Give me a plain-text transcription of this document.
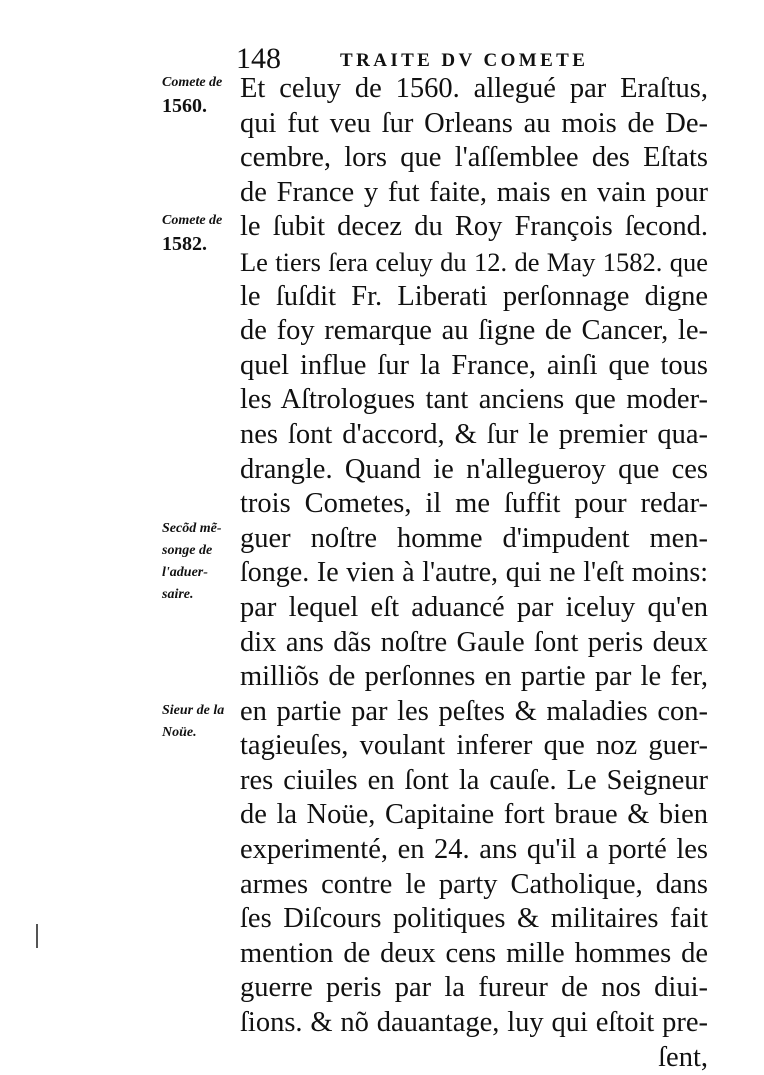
148	TRAITE DV COMETE
Comete de
1560.
Comete de
1582.
Secõd mẽ-
songe de
l'aduer-
saire.
Sieur de la
Noüe.
Et celuy de 1560. allegué par Eraſtus,
qui fut veu ſur Orleans au mois de De-
cembre, lors que l'aſſemblee des Eſtats
de France y fut faite, mais en vain pour
le ſubit decez du Roy François ſecond.
Le tiers ſera celuy du 12. de May 1582. que
le ſuſdit Fr. Liberati perſonnage digne
de foy remarque au ſigne de Cancer, le-
quel influe ſur la France, ainſi que tous
les Aſtrologues tant anciens que moder-
nes ſont d'accord, & ſur le premier qua-
drangle. Quand ie n'allegueroy que ces
trois Cometes, il me ſuffit pour redar-
guer noſtre homme d'impudent men-
ſonge. Ie vien à l'autre, qui ne l'eſt moins:
par lequel eſt aduancé par iceluy qu'en
dix ans dãs noſtre Gaule ſont peris deux
milliõs de perſonnes en partie par le fer,
en partie par les peſtes & maladies con-
tagieuſes, voulant inferer que noz guer-
res ciuiles en ſont la cauſe. Le Seigneur
de la Noüe, Capitaine fort braue & bien
experimenté, en 24. ans qu'il a porté les
armes contre le party Catholique, dans
ſes Diſcours politiques & militaires fait
mention de deux cens mille hommes de
guerre peris par la fureur de nos diui-
ſions. & nõ dauantage, luy qui eſtoit pre-
ſent,
